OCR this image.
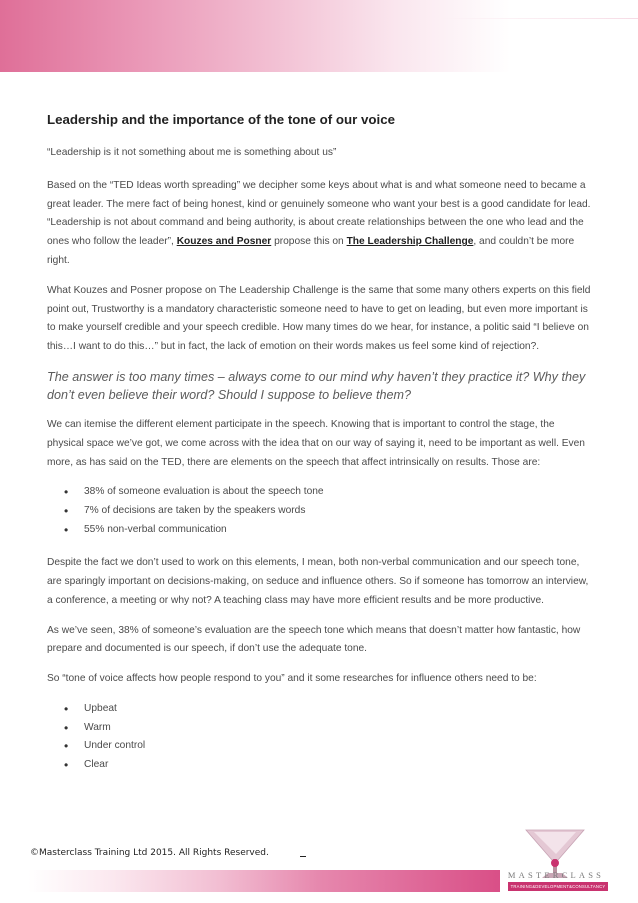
Leadership and the importance of the tone of our voice

“Leadership is it not something about me is something about us”

Based on the “TED Ideas worth spreading” we decipher some keys about what is and what someone need to became a great leader. The mere fact of being honest, kind or genuinely someone who want your best is a good candidate for lead. “Leadership is not about command and being authority, is about create relationships between the one who lead and the ones who follow the leader”, Kouzes and Posner propose this on The Leadership Challenge, and couldn’t be more right.

What Kouzes and Posner propose on The Leadership Challenge is the same that some many others experts on this field point out, Trustworthy is a mandatory characteristic someone need to have to get on leading, but even more important is to make yourself credible and your speech credible. How many times do we hear, for instance, a politic said “I believe on this…I want to do this…” but in fact, the lack of emotion on their words makes us feel some kind of rejection?.

The answer is too many times – always come to our mind why haven’t they practice it? Why they don’t even believe their word? Should I suppose to believe them?

We can itemise the different element participate in the speech. Knowing that is important to control the stage, the physical space we’ve got, we come across with the idea that on our way of saying it, need to be important as well. Even more, as has said on the TED, there are elements on the speech that affect intrinsically on results. Those are:

• 38% of someone evaluation is about the speech tone
• 7% of decisions are taken by the speakers words
• 55% non-verbal communication

Despite the fact we don’t used to work on this elements, I mean, both non-verbal communication and our speech tone, are sparingly important on decisions-making, on seduce and influence others. So if someone has tomorrow an interview, a conference, a meeting or why not? A teaching class may have more efficient results and be more productive.

As we’ve seen, 38% of someone’s evaluation are the speech tone which means that doesn’t matter how fantastic, how prepare and documented is our speech, if don’t use the adequate tone.

So “tone of voice affects how people respond to you” and it some researches for influence others need to be:

• Upbeat
• Warm
• Under control
• Clear
©Masterclass Training Ltd 2015. All Rights Reserved.
MASTERCLASS
TRAINING&DEVELOPMENT&CONSULTANCY
